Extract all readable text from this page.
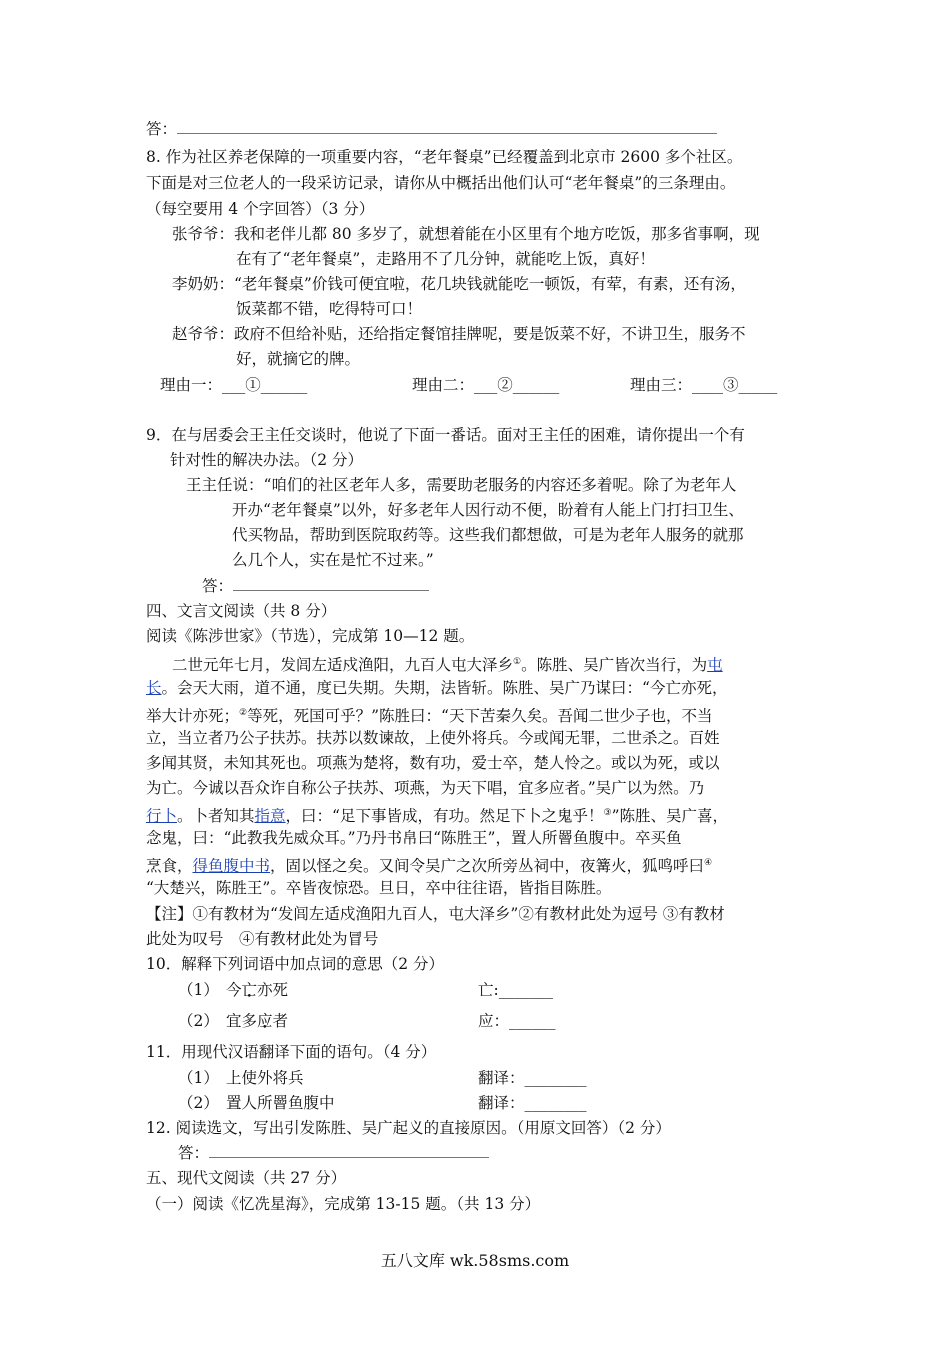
答：
8. 作为社区养老保障的一项重要内容，“老年餐桌”已经覆盖到北京市 2600 多个社区。
下面是对三位老人的一段采访记录，请你从中概括出他们认可“老年餐桌”的三条理由。
（每空要用 4 个字回答）（3 分）
张爷爷：我和老伴儿都 80 多岁了，就想着能在小区里有个地方吃饭，那多省事啊，现
在有了“老年餐桌”，走路用不了几分钟，就能吃上饭，真好！
李奶奶：“老年餐桌”价钱可便宜啦，花几块钱就能吃一顿饭，有荤，有素，还有汤，
饭菜都不错，吃得特可口！
赵爷爷：政府不但给补贴，还给指定餐馆挂牌呢，要是饭菜不好，不讲卫生，服务不
好，就摘它的牌。
理由一：___①______	理由二：___②______	理由三：____③_____
9．在与居委会王主任交谈时，他说了下面一番话。面对王主任的困难，请你提出一个有
针对性的解决办法。（2 分）
王主任说：“咱们的社区老年人多，需要助老服务的内容还多着呢。除了为老年人
开办“老年餐桌”以外，好多老年人因行动不便，盼着有人能上门打扫卫生、
代买物品，帮助到医院取药等。这些我们都想做，可是为老年人服务的就那
么几个人，实在是忙不过来。”
答：
四、文言文阅读（共 8 分）
阅读《陈涉世家》（节选），完成第 10—12 题。
二世元年七月，发闾左适戍渔阳，九百人屯大泽乡①。陈胜、吴广皆次当行，为屯
长。会天大雨，道不通，度已失期。失期，法皆斩。陈胜、吴广乃谋曰：“今亡亦死，
举大计亦死；②等死，死国可乎？”陈胜曰：“天下苦秦久矣。吾闻二世少子也，不当
立，当立者乃公子扶苏。扶苏以数谏故，上使外将兵。今或闻无罪，二世杀之。百姓
多闻其贤，未知其死也。项燕为楚将，数有功，爱士卒，楚人怜之。或以为死，或以
为亡。今诚以吾众诈自称公子扶苏、项燕，为天下唱，宜多应者。”吴广以为然。乃
行卜。卜者知其指意，曰：“足下事皆成，有功。然足下卜之鬼乎！③”陈胜、吴广喜，
念鬼，曰：“此教我先威众耳。”乃丹书帛曰“陈胜王”，置人所罾鱼腹中。卒买鱼
烹食，得鱼腹中书，固以怪之矣。又间令吴广之次所旁丛祠中，夜篝火，狐鸣呼曰④
“大楚兴，陈胜王”。卒皆夜惊恐。旦日，卒中往往语，皆指目陈胜。
【注】①有教材为“发闾左适戍渔阳九百人，屯大泽乡”②有教材此处为逗号 ③有教材
此处为叹号　④有教材此处为冒号
10．解释下列词语中加点词的意思（2 分）
（1） 今亡亦死	亡:_______
（2） 宜多应者	应：______
11．用现代汉语翻译下面的语句。（4 分）
（1） 上使外将兵	翻译：________
（2） 置人所罾鱼腹中	翻译：________
12. 阅读选文，写出引发陈胜、吴广起义的直接原因。（用原文回答）（2 分）
答：
五、现代文阅读（共 27 分）
（一）阅读《忆冼星海》，完成第 13-15 题。（共 13 分）
五八文库 wk.58sms.com
